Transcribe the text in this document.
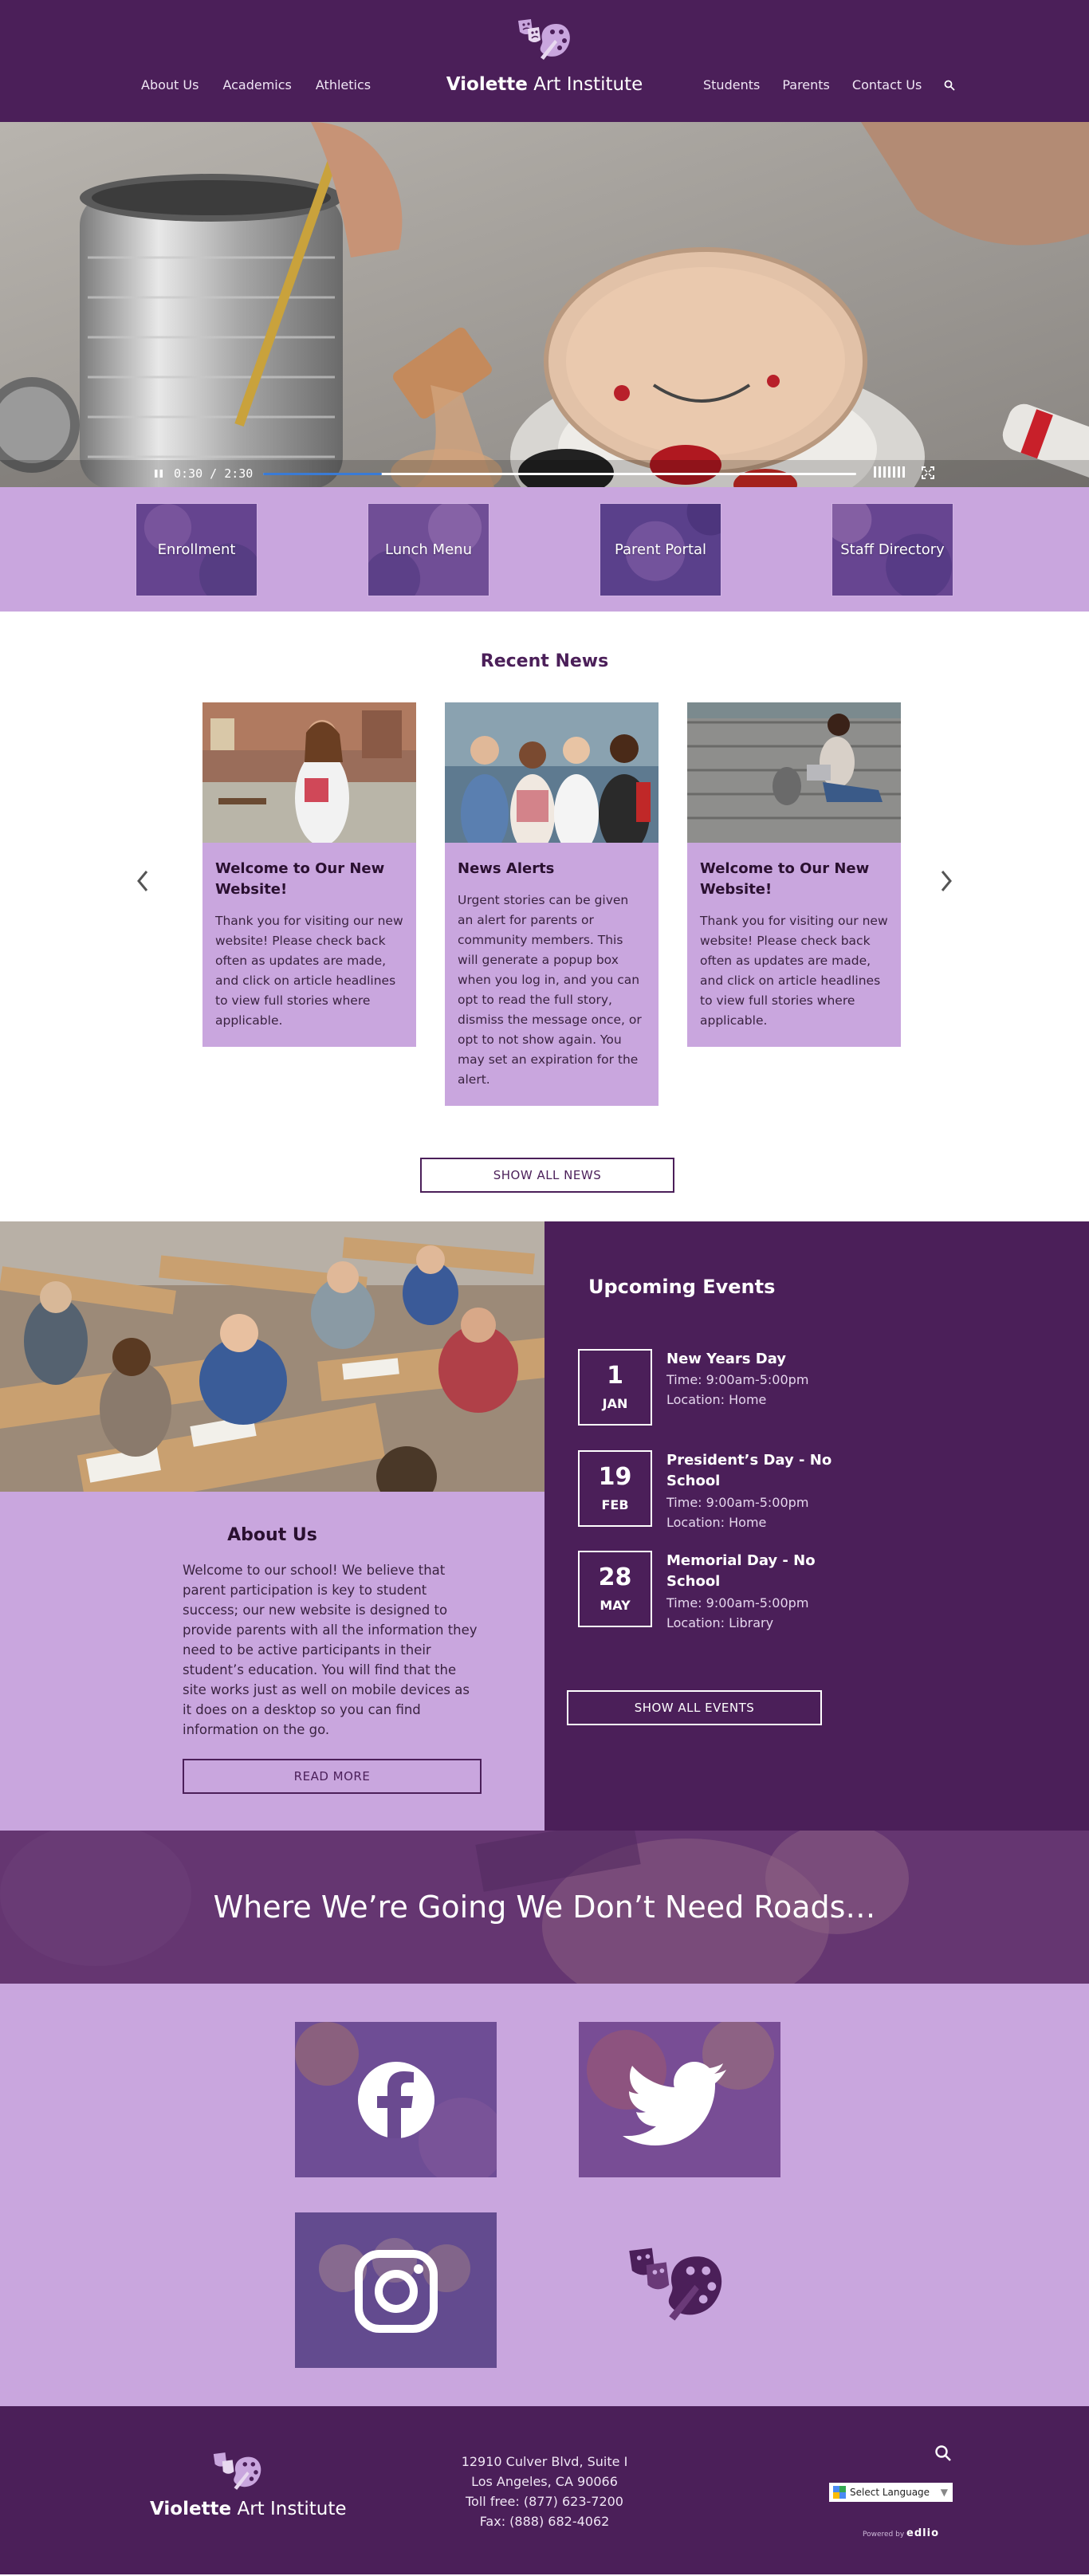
About Us Academics Athletics	Violette Art Institute	Students Parents Contact Us
0:30 / 2:30
Enrollment	Lunch Menu	Parent Portal	Staff Directory
Recent News
Welcome to Our New Website!

Thank you for visiting our new website! Please check back often as updates are made, and click on article headlines to view full stories where applicable.

News Alerts

Urgent stories can be given an alert for parents or community members. This will generate a popup box when you log in, and you can opt to read the full story, dismiss the message once, or opt to not show again. You may set an expiration for the alert.

Welcome to Our New Website!

Thank you for visiting our new website! Please check back often as updates are made, and click on article headlines to view full stories where applicable.

SHOW ALL NEWS
About Us

Welcome to our school! We believe that parent participation is key to student success; our new website is designed to provide parents with all the information they need to be active participants in their student’s education. You will find that the site works just as well on mobile devices as it does on a desktop so you can find information on the go.

READ MORE
Upcoming Events
1
JAN
New Years Day
Time: 9:00am-5:00pm
Location: Home
19
FEB
President’s Day - No School
Time: 9:00am-5:00pm
Location: Home
28
MAY
Memorial Day - No School
Time: 9:00am-5:00pm
Location: Library
SHOW ALL EVENTS
Where We’re Going We Don’t Need Roads…
Violette Art Institute
12910 Culver Blvd, Suite I
Los Angeles, CA 90066
Toll free: (877) 623-7200
Fax: (888) 682-4062
Select Language ▼
Powered by edlio
